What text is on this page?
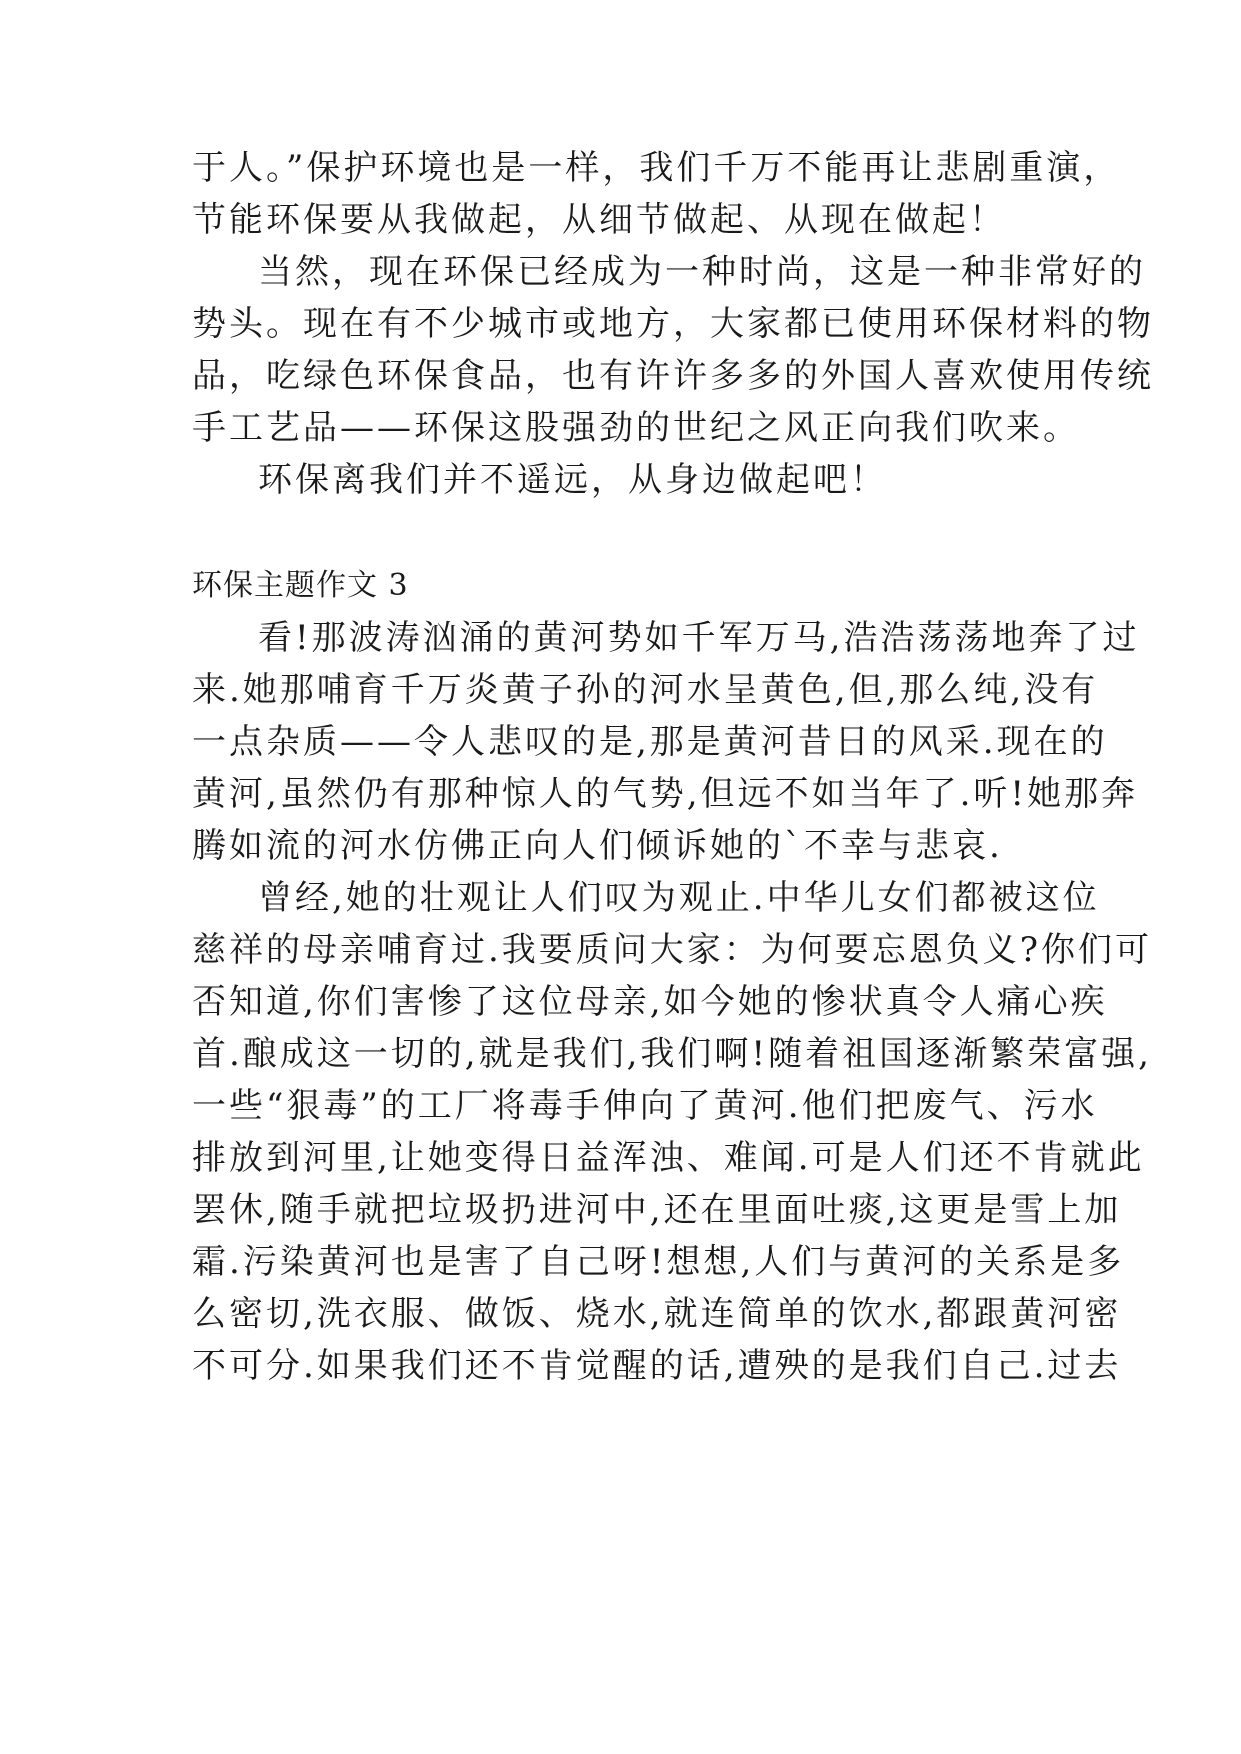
于人。”保护环境也是一样，我们千万不能再让悲剧重演，
节能环保要从我做起，从细节做起、从现在做起！
当然，现在环保已经成为一种时尚，这是一种非常好的
势头。现在有不少城市或地方，大家都已使用环保材料的物
品，吃绿色环保食品，也有许许多多的外国人喜欢使用传统
手工艺品——环保这股强劲的世纪之风正向我们吹来。
环保离我们并不遥远，从身边做起吧！
环保主题作文 3
看!那波涛汹涌的黄河势如千军万马,浩浩荡荡地奔了过
来.她那哺育千万炎黄子孙的河水呈黄色,但,那么纯,没有
一点杂质——令人悲叹的是,那是黄河昔日的风采.现在的
黄河,虽然仍有那种惊人的气势,但远不如当年了.听!她那奔
腾如流的河水仿佛正向人们倾诉她的`不幸与悲哀.
曾经,她的壮观让人们叹为观止.中华儿女们都被这位
慈祥的母亲哺育过.我要质问大家：为何要忘恩负义?你们可
否知道,你们害惨了这位母亲,如今她的惨状真令人痛心疾
首.酿成这一切的,就是我们,我们啊!随着祖国逐渐繁荣富强,
一些“狠毒”的工厂将毒手伸向了黄河.他们把废气、污水
排放到河里,让她变得日益浑浊、难闻.可是人们还不肯就此
罢休,随手就把垃圾扔进河中,还在里面吐痰,这更是雪上加
霜.污染黄河也是害了自己呀!想想,人们与黄河的关系是多
么密切,洗衣服、做饭、烧水,就连简单的饮水,都跟黄河密
不可分.如果我们还不肯觉醒的话,遭殃的是我们自己.过去
